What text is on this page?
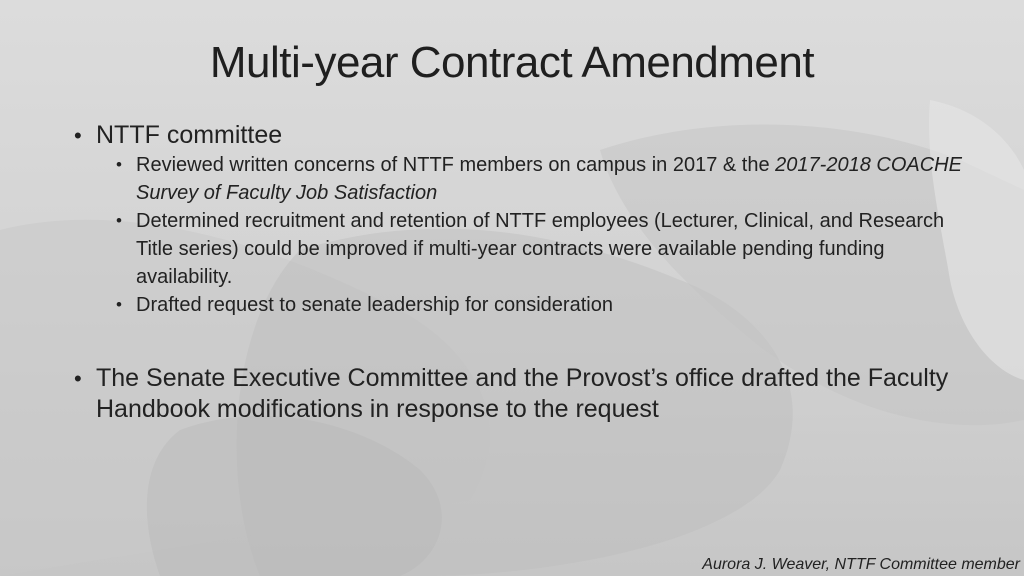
Multi-year Contract Amendment
• NTTF committee
• Reviewed written concerns of NTTF members on campus in 2017 & the 2017-2018 COACHE Survey of Faculty Job Satisfaction
• Determined recruitment and retention of NTTF employees (Lecturer, Clinical, and Research Title series) could be improved if multi-year contracts were available pending funding availability.
• Drafted request to senate leadership for consideration
• The Senate Executive Committee and the Provost’s office drafted the Faculty Handbook modifications in response to the request
Aurora J. Weaver, NTTF Committee member
